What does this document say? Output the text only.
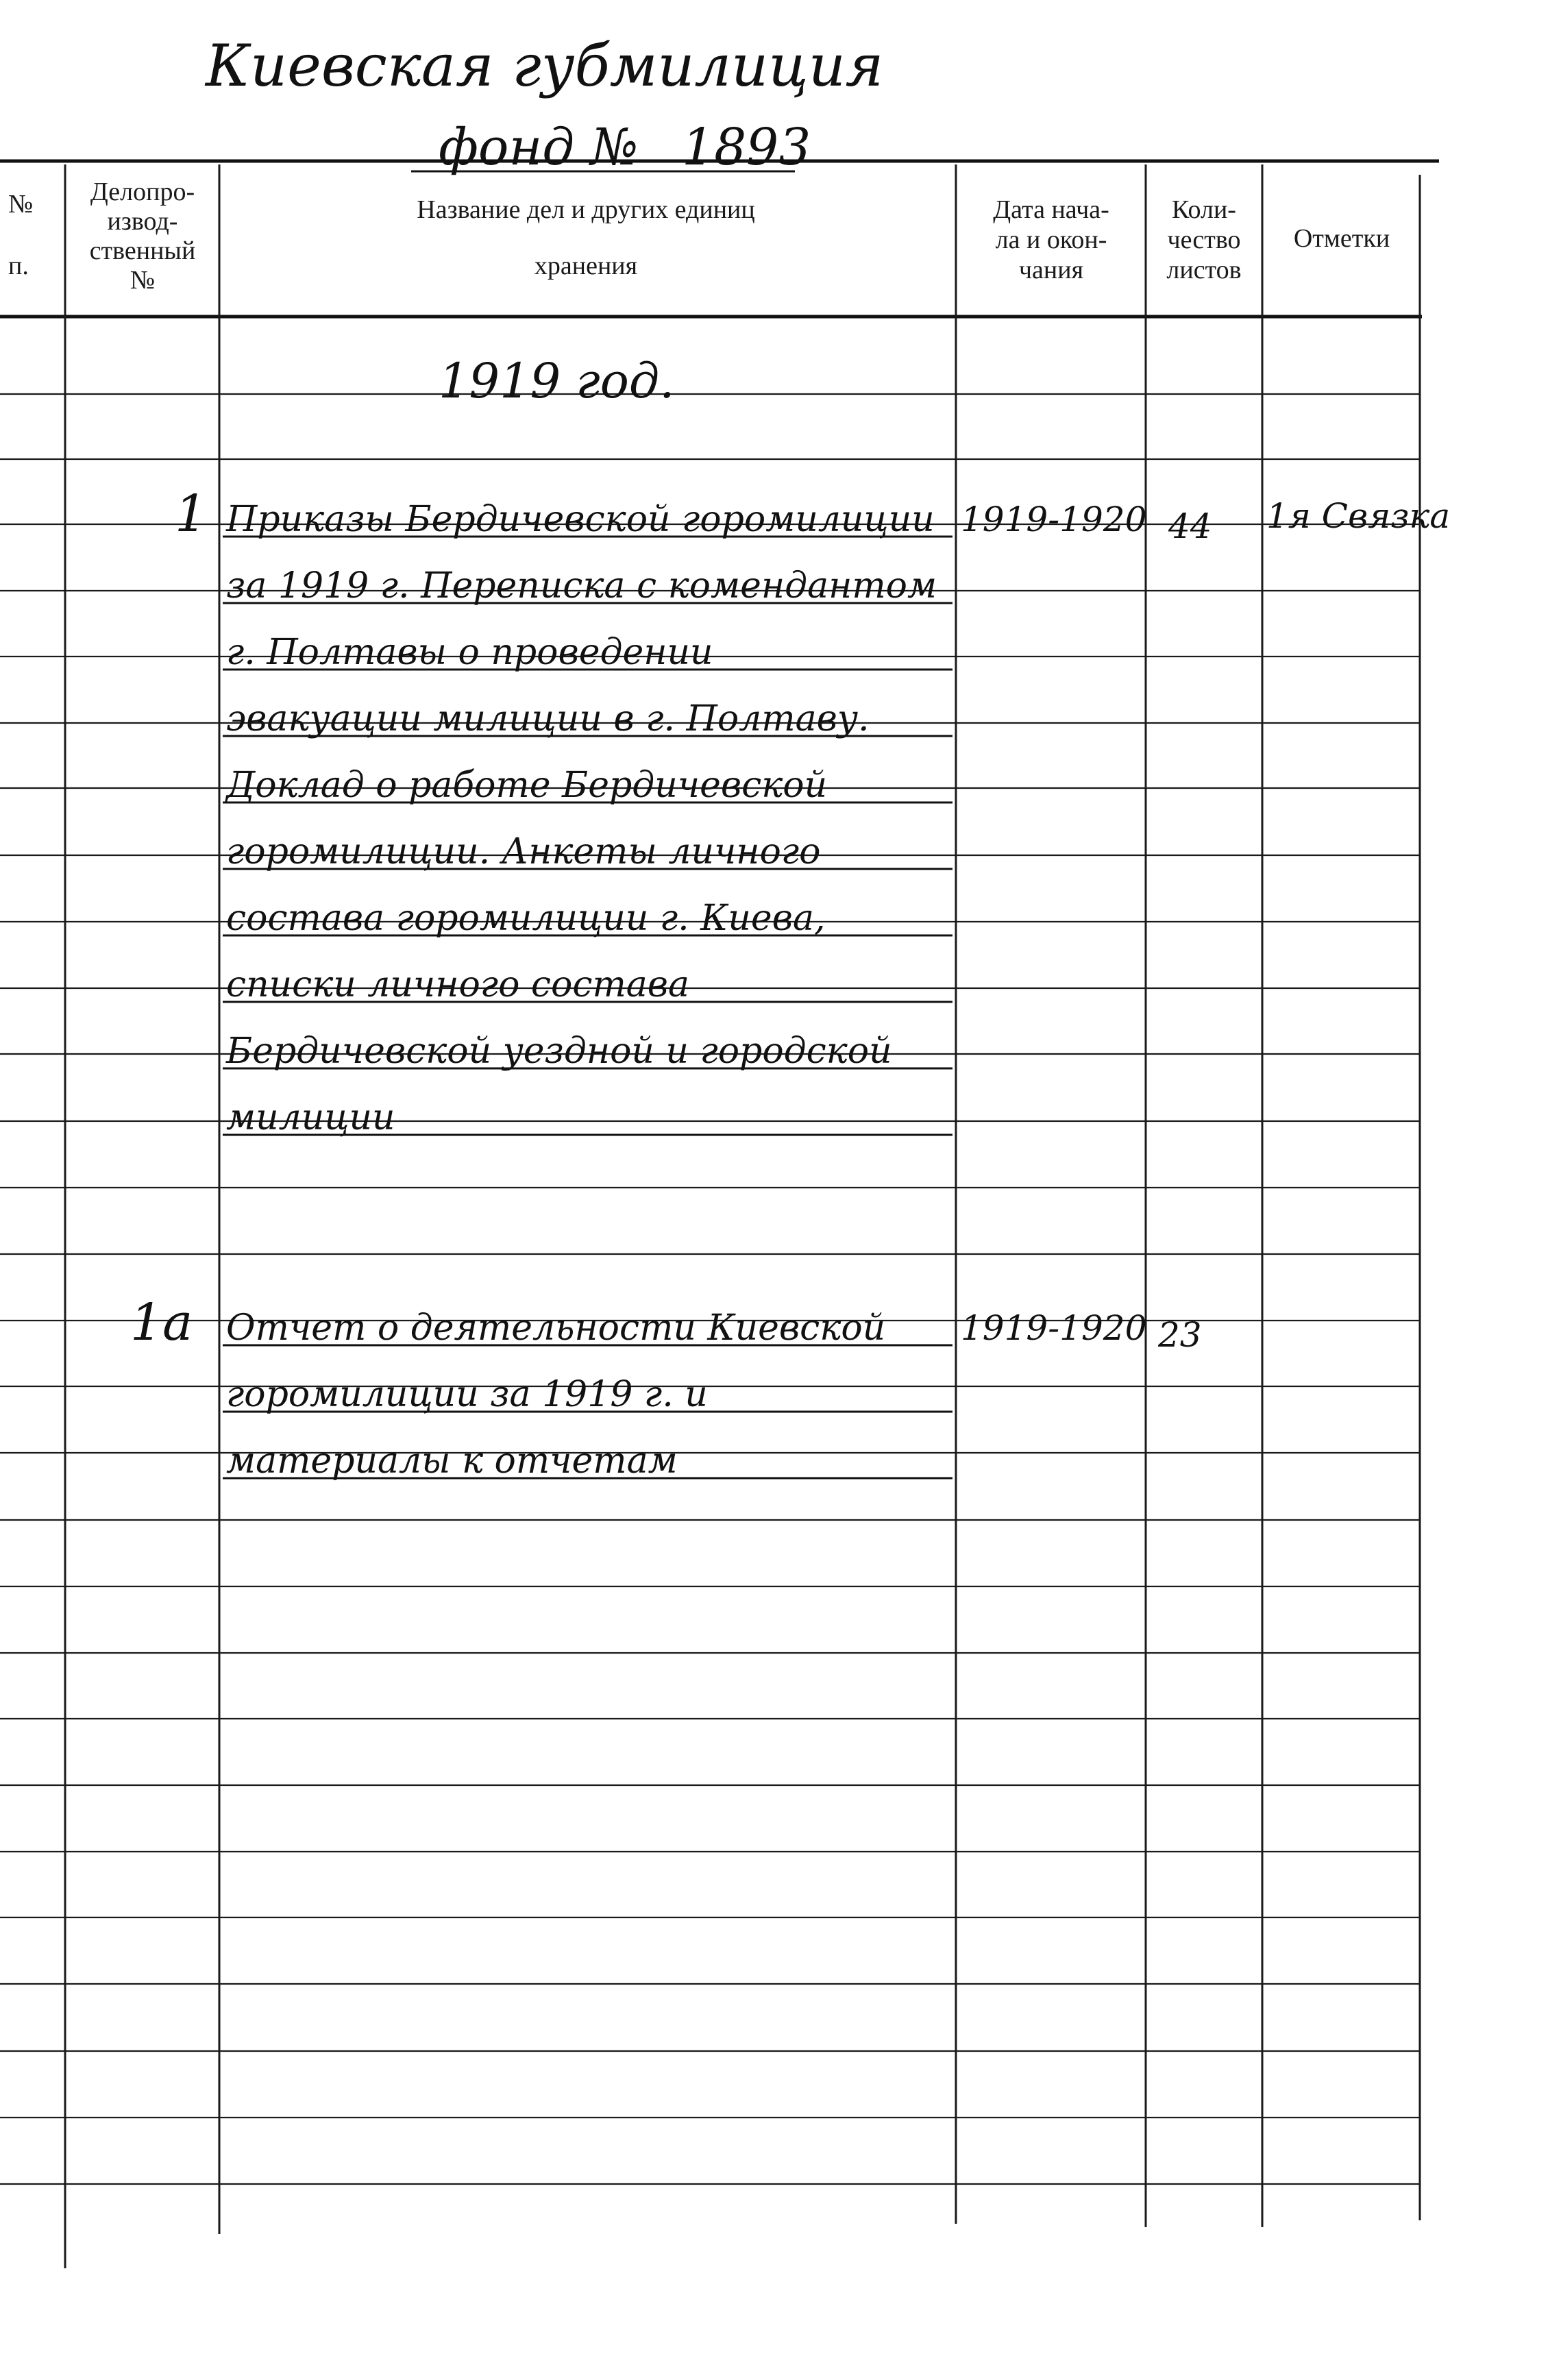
Киевская губмилиция
фонд № 1893
№
п.
Делопро-
извод-
ственный
№
Название дел и других единиц
хранения
Дата нача-
ла и окон-
чания
Коли-
чество
листов
Отметки
1919 год.
1 Приказы Бердичевской горомилиции
за 1919 г. Переписка с комендантом
г. Полтавы о проведении
эвакуации милиции в г. Полтаву.
Доклад о работе Бердичевской
горомилиции. Анкеты личного
состава горомилиции г. Киева,
списки личного состава
Бердичевской уездной и городской
милиции
1919-1920 44 1я Связка
1а Отчет о деятельности Киевской
горомилиции за 1919 г. и
материалы к отчетам
1919-1920 23
